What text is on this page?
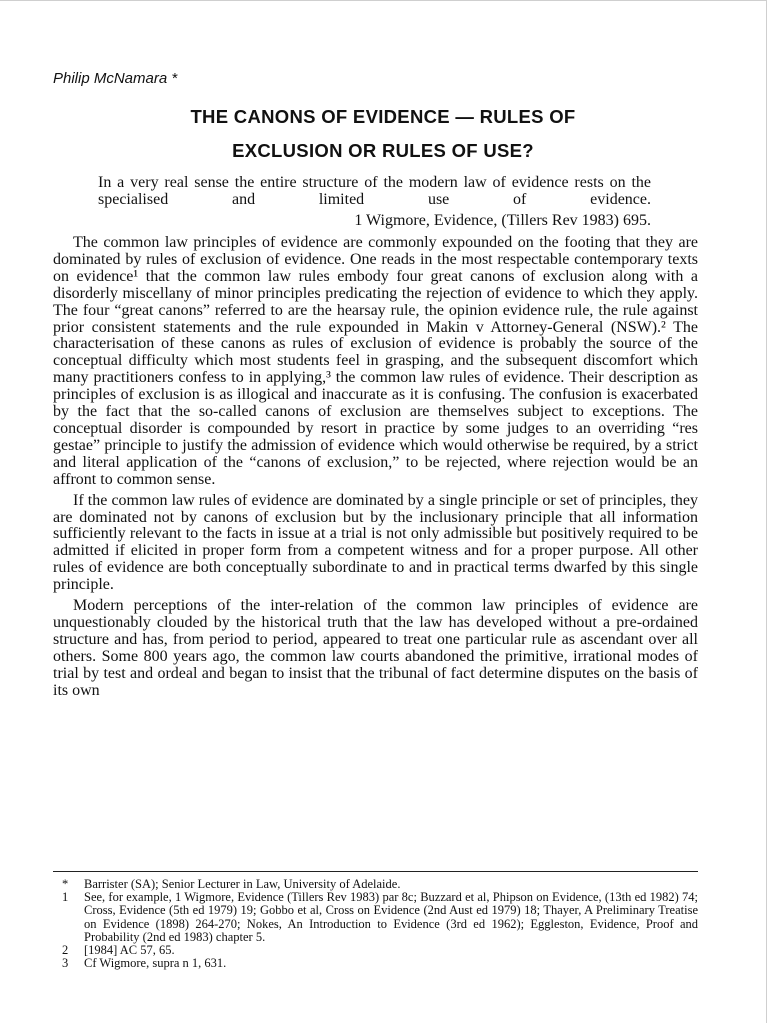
Philip McNamara *
THE CANONS OF EVIDENCE — RULES OF
EXCLUSION OR RULES OF USE?
In a very real sense the entire structure of the modern law of evidence rests on the specialised and limited use of evidence.
1 Wigmore, Evidence, (Tillers Rev 1983) 695.

The common law principles of evidence are commonly expounded on the footing that they are dominated by rules of exclusion of evidence. One reads in the most respectable contemporary texts on evidence¹ that the common law rules embody four great canons of exclusion along with a disorderly miscellany of minor principles predicating the rejection of evidence to which they apply. The four “great canons” referred to are the hearsay rule, the opinion evidence rule, the rule against prior consistent statements and the rule expounded in Makin v Attorney-General (NSW).² The characterisation of these canons as rules of exclusion of evidence is probably the source of the conceptual difficulty which most students feel in grasping, and the subsequent discomfort which many practitioners confess to in applying,³ the common law rules of evidence. Their description as principles of exclusion is as illogical and inaccurate as it is confusing. The confusion is exacerbated by the fact that the so-called canons of exclusion are themselves subject to exceptions. The conceptual disorder is compounded by resort in practice by some judges to an overriding “res gestae” principle to justify the admission of evidence which would otherwise be required, by a strict and literal application of the “canons of exclusion,” to be rejected, where rejection would be an affront to common sense.

If the common law rules of evidence are dominated by a single principle or set of principles, they are dominated not by canons of exclusion but by the inclusionary principle that all information sufficiently relevant to the facts in issue at a trial is not only admissible but positively required to be admitted if elicited in proper form from a competent witness and for a proper purpose. All other rules of evidence are both conceptually subordinate to and in practical terms dwarfed by this single principle.

Modern perceptions of the inter-relation of the common law principles of evidence are unquestionably clouded by the historical truth that the law has developed without a pre-ordained structure and has, from period to period, appeared to treat one particular rule as ascendant over all others. Some 800 years ago, the common law courts abandoned the primitive, irrational modes of trial by test and ordeal and began to insist that the tribunal of fact determine disputes on the basis of its own

*	Barrister (SA); Senior Lecturer in Law, University of Adelaide.
1	See, for example, 1 Wigmore, Evidence (Tillers Rev 1983) par 8c; Buzzard et al, Phipson on Evidence, (13th ed 1982) 74; Cross, Evidence (5th ed 1979) 19; Gobbo et al, Cross on Evidence (2nd Aust ed 1979) 18; Thayer, A Preliminary Treatise on Evidence (1898) 264-270; Nokes, An Introduction to Evidence (3rd ed 1962); Eggleston, Evidence, Proof and Probability (2nd ed 1983) chapter 5.
2	[1984] AC 57, 65.
3	Cf Wigmore, supra n 1, 631.
